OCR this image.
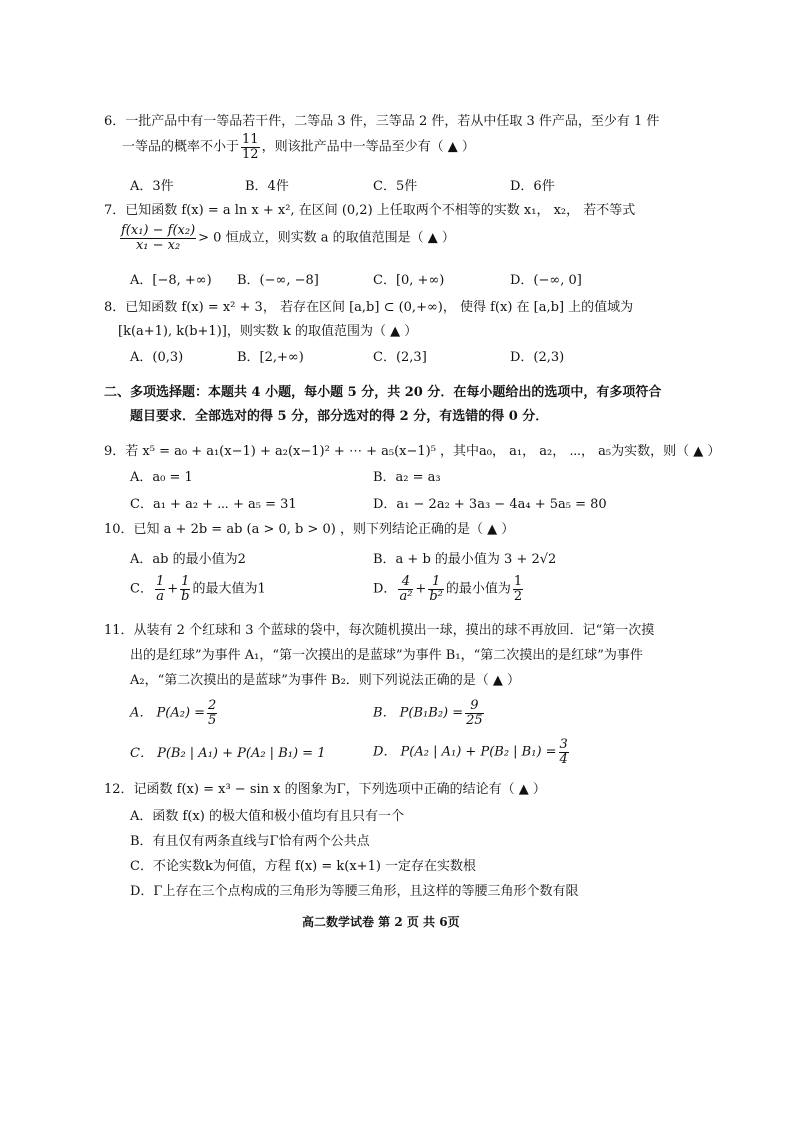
6．一批产品中有一等品若干件，二等品 3 件，三等品 2 件，若从中任取 3 件产品，至少有 1 件
一等品的概率不小于 $\frac{11}{12}$ ，则该批产品中一等品至少有（ ▲ ）
A．3件	B．4件	C．5件	D．6件
7．已知函数 f(x) = a ln x + x², 在区间 (0,2) 上任取两个不相等的实数 x₁， x₂， 若不等式
$\frac{\text{f(x₁) − f(x₂)}}{\text{x₁ − x₂}} > 0$ 恒成立，则实数 a 的取值范围是（ ▲ ）
A．[−8, +∞) B．(−∞, −8]	C．[0, +∞)	D．(−∞, 0]
8．已知函数 f(x) = x² + 3， 若存在区间 [a,b] ⊂ (0,+∞)， 使得 f(x) 在 [a,b] 上的值域为
[k(a+1), k(b+1)]，则实数 k 的取值范围为（ ▲ ）
A．(0,3)	B．[2,+∞)	C．(2,3]	D．(2,3)
二、多项选择题：本题共 4 小题，每小题 5 分，共 20 分．在每小题给出的选项中，有多项符合
题目要求．全部选对的得 5 分，部分选对的得 2 分，有选错的得 0 分．
9．若 x⁵ = a₀ + a₁(x−1) + a₂(x−1)² + ⋯ + a₅(x−1)⁵ ，其中a₀， a₁， a₂， ⋯， a₅为实数，则（ ▲ ）
A．a₀ = 1	B．a₂ = a₃
C．a₁ + a₂ + ⋯ + a₅ = 31	D．a₁ − 2a₂ + 3a₃ − 4a₄ + 5a₅ = 80
10．已知 a + 2b = ab (a > 0, b > 0) ，则下列结论正确的是（ ▲ ）
A．ab 的最小值为2	B．a + b 的最小值为 3 + 2√2
C． $\frac{1}{a} + \frac{1}{b}$ 的最大值为1	D． $\frac{4}{\text{a²}} + \frac{1}{\text{b²}}$ 的最小值为 $\frac{1}{2}$
11．从装有 2 个红球和 3 个蓝球的袋中，每次随机摸出一球，摸出的球不再放回．记“第一次摸
出的是红球”为事件 A₁，“第一次摸出的是蓝球”为事件 B₁，“第二次摸出的是红球”为事件
A₂，“第二次摸出的是蓝球”为事件 B₂．则下列说法正确的是（ ▲ ）
A． $P(A_2) = \frac{2}{5}$	B． $P(B_1B_2) = \frac{9}{25}$
C． P(B₂ | A₁) + P(A₂ | B₁) = 1	D． P(A₂ | A₁) + P(B₂ | $B_1) = \frac{3}{4}$
12．记函数 f(x) = x³ − sin x 的图象为Γ，下列选项中正确的结论有（ ▲ ）
A．函数 f(x) 的极大值和极小值均有且只有一个
B．有且仅有两条直线与Γ恰有两个公共点
C．不论实数k为何值，方程 f(x) = k(x+1) 一定存在实数根
D．Γ上存在三个点构成的三角形为等腰三角形，且这样的等腰三角形个数有限
高二数学试卷 第 2 页 共 6页
